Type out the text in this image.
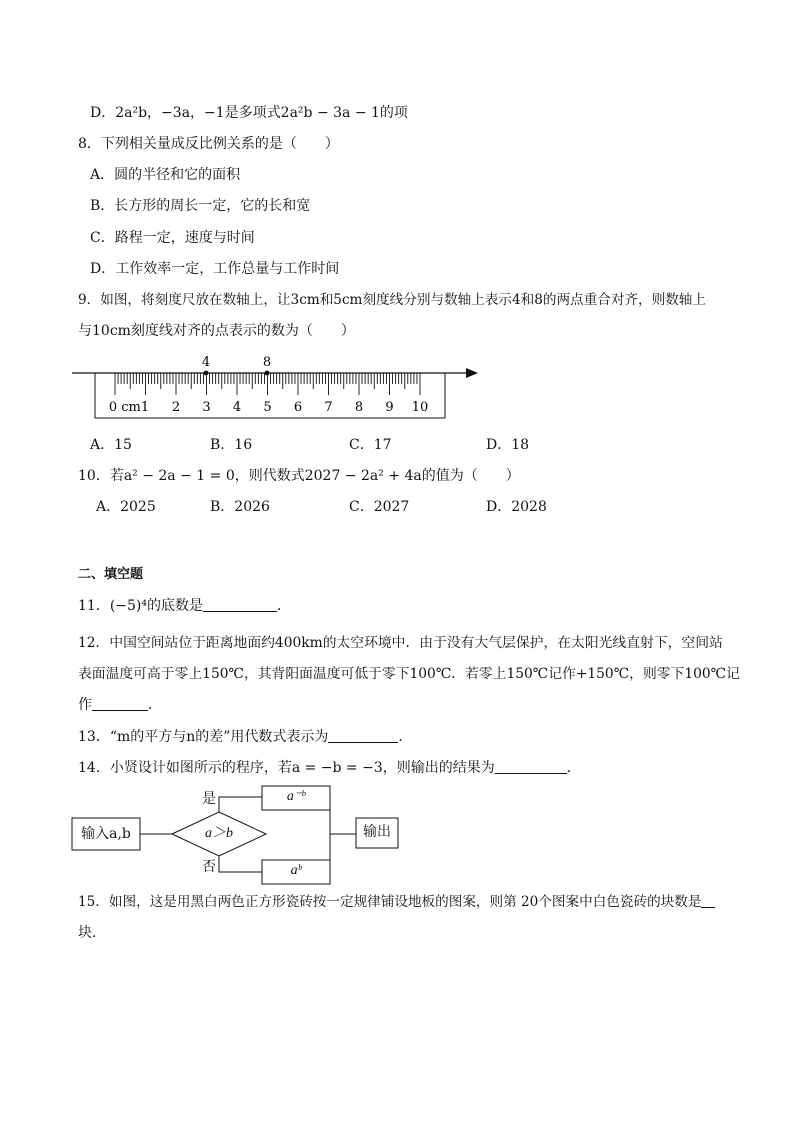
D．2a²b，−3a，−1是多项式2a²b − 3a − 1的项
8．下列相关量成反比例关系的是（　　）
A．圆的半径和它的面积
B．长方形的周长一定，它的长和宽
C．路程一定，速度与时间
D．工作效率一定，工作总量与工作时间
9．如图，将刻度尺放在数轴上，让3cm和5cm刻度线分别与数轴上表示4和8的两点重合对齐，则数轴上
与10cm刻度线对齐的点表示的数为（　　）
4	8
0 cm1 2 3 4 5 6 7 8 9 10
A．15	B．16	C．17	D．18
10．若a² − 2a − 1 = 0，则代数式2027 − 2a² + 4a的值为（　　）
A．2025	B．2026	C．2027	D．2028
二、填空题
11．(−5)⁴的底数是	．
12．中国空间站位于距离地面约400km的太空环境中．由于没有大气层保护，在太阳光线直射下，空间站
表面温度可高于零上150℃，其背阳面温度可低于零下100℃．若零上150℃记作+150℃，则零下100℃记
作	．
13．“m的平方与n的差”用代数式表示为	．
14．小贤设计如图所示的程序，若a = −b = −3，则输出的结果为	．
输入a,b	a＞b
是
否
a⁻ᵇ
aᵇ
输出
15．如图，这是用黑白两色正方形瓷砖按一定规律铺设地板的图案，则第 20个图案中白色瓷砖的块数是
块．
